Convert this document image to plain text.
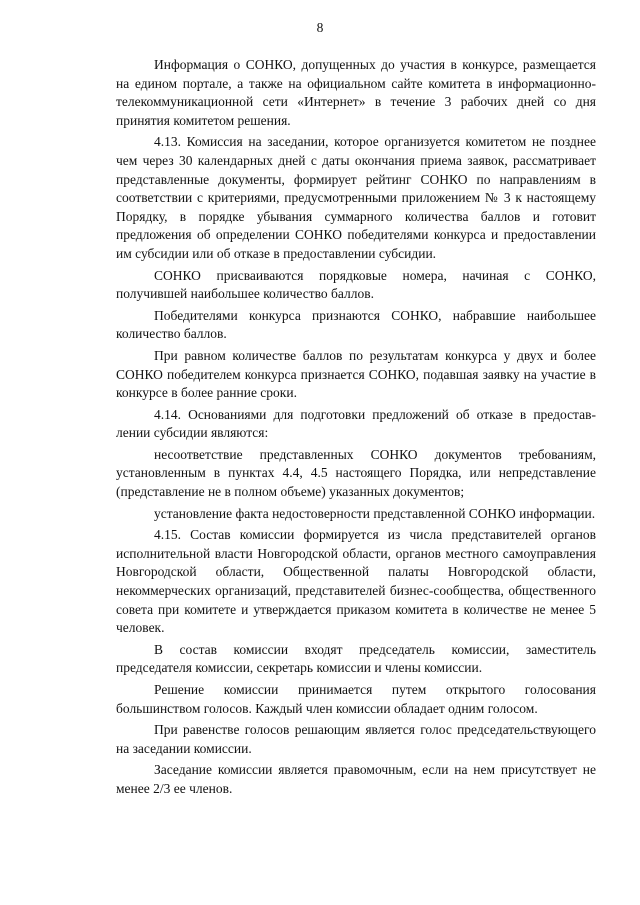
8

Информация о СОНКО, допущенных до участия в конкурсе, размещается на едином портале, а также на официальном сайте комитета в информационно-телекоммуникационной сети «Интернет» в течение 3 рабочих дней со дня принятия комитетом решения.

4.13. Комиссия на заседании, которое организуется комитетом не позднее чем через 30 календарных дней с даты окончания приема заявок, рассматривает представленные документы, формирует рейтинг СОНКО по направлениям в соответствии с критериями, предусмотренными приложением № 3 к настоящему Порядку, в порядке убывания суммарного количества баллов и готовит предложения об определении СОНКО победителями конкурса и предоставлении им субсидии или об отказе в предоставлении субсидии.

СОНКО присваиваются порядковые номера, начиная с СОНКО, получившей наибольшее количество баллов.

Победителями конкурса признаются СОНКО, набравшие наибольшее количество баллов.

При равном количестве баллов по результатам конкурса у двух и более СОНКО победителем конкурса признается СОНКО, подавшая заявку на участие в конкурсе в более ранние сроки.

4.14. Основаниями для подготовки предложений об отказе в предоставлении субсидии являются:

несоответствие представленных СОНКО документов требованиям, установленным в пунктах 4.4, 4.5 настоящего Порядка, или непредставление (представление не в полном объеме) указанных документов;

установление факта недостоверности представленной СОНКО информации.

4.15. Состав комиссии формируется из числа представителей органов исполнительной власти Новгородской области, органов местного самоуправления Новгородской области, Общественной палаты Новгородской области, некоммерческих организаций, представителей бизнес-сообщества, общественного совета при комитете и утверждается приказом комитета в количестве не менее 5 человек.

В состав комиссии входят председатель комиссии, заместитель председателя комиссии, секретарь комиссии и члены комиссии.

Решение комиссии принимается путем открытого голосования большинством голосов. Каждый член комиссии обладает одним голосом.

При равенстве голосов решающим является голос председательствующего на заседании комиссии.

Заседание комиссии является правомочным, если на нем присутствует не менее 2/3 ее членов.
